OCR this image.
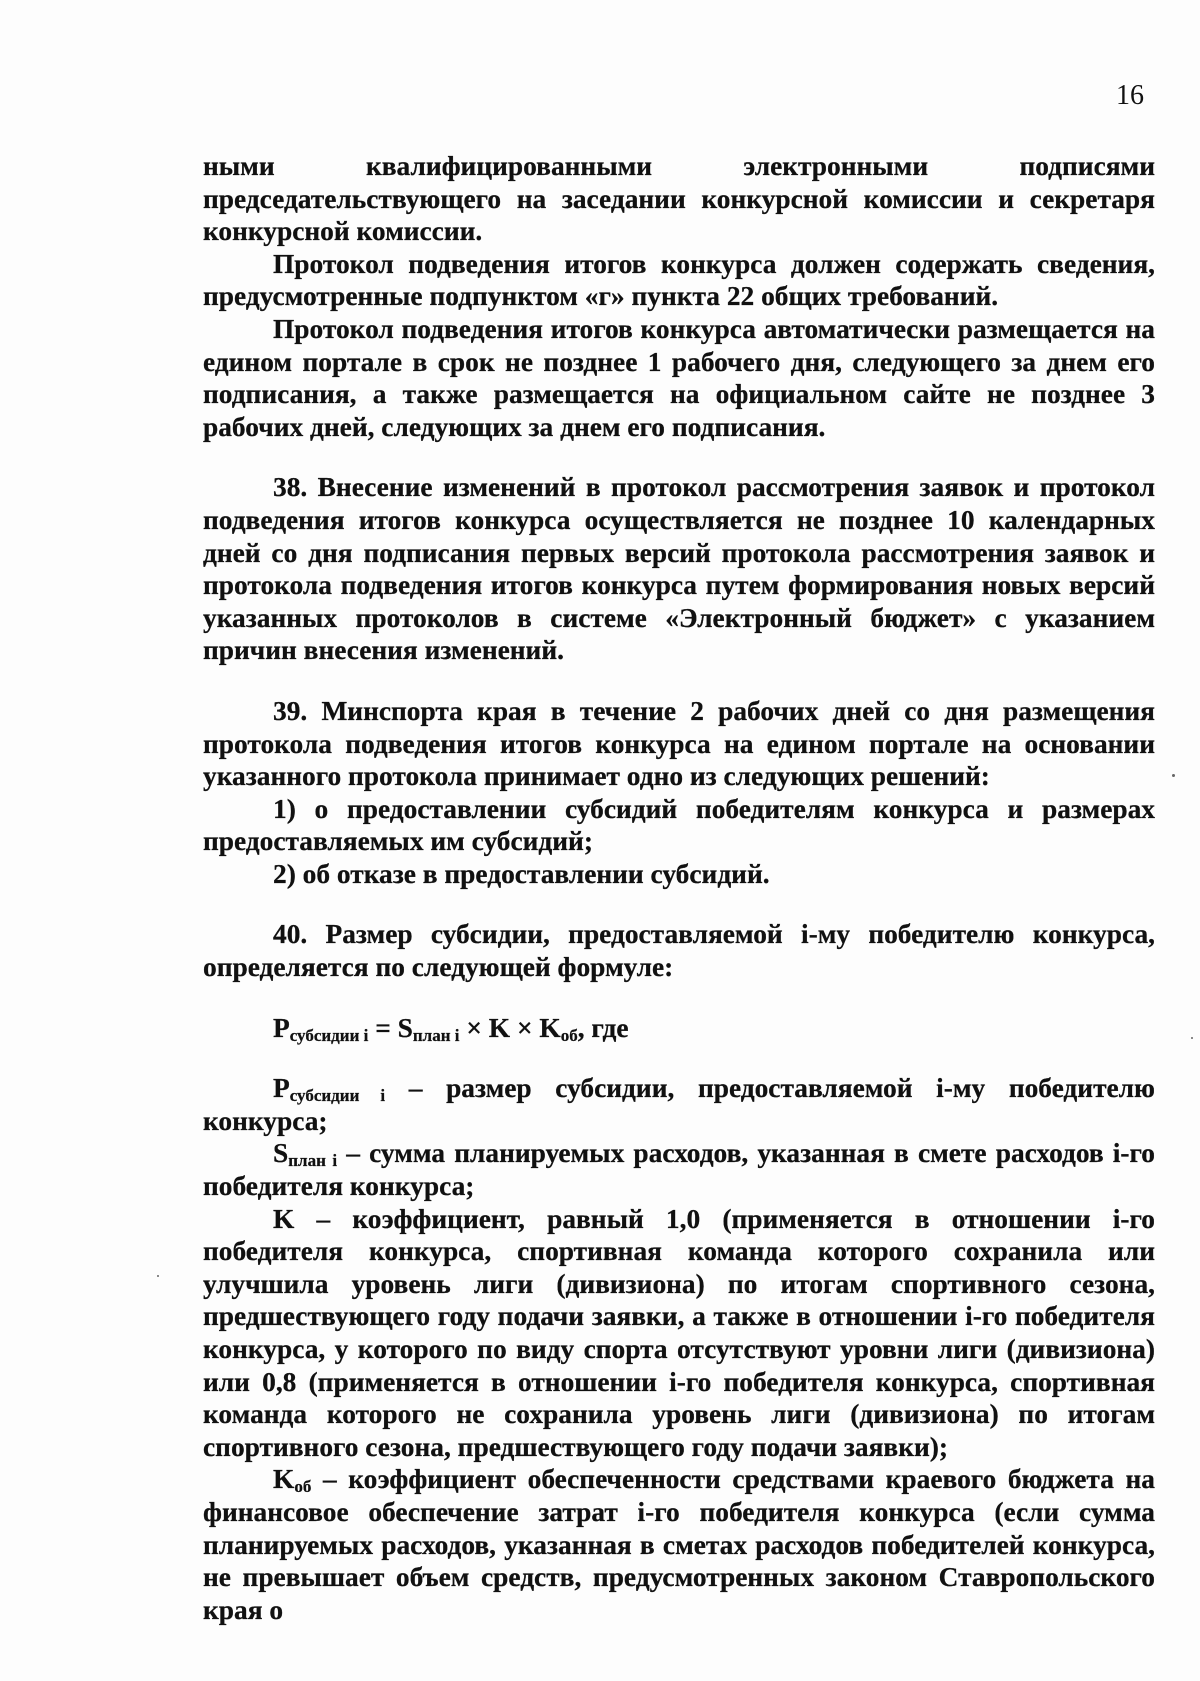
16

ными квалифицированными электронными подписями председательствующего на заседании конкурсной комиссии и секретаря конкурсной комиссии.

Протокол подведения итогов конкурса должен содержать сведения, предусмотренные подпунктом «г» пункта 22 общих требований.

Протокол подведения итогов конкурса автоматически размещается на едином портале в срок не позднее 1 рабочего дня, следующего за днем его подписания, а также размещается на официальном сайте не позднее 3 рабочих дней, следующих за днем его подписания.

38. Внесение изменений в протокол рассмотрения заявок и протокол подведения итогов конкурса осуществляется не позднее 10 календарных дней со дня подписания первых версий протокола рассмотрения заявок и протокола подведения итогов конкурса путем формирования новых версий указанных протоколов в системе «Электронный бюджет» с указанием причин внесения изменений.

39. Минспорта края в течение 2 рабочих дней со дня размещения протокола подведения итогов конкурса на едином портале на основании указанного протокола принимает одно из следующих решений:

1) о предоставлении субсидий победителям конкурса и размерах предоставляемых им субсидий;

2) об отказе в предоставлении субсидий.

40. Размер субсидии, предоставляемой i-му победителю конкурса, определяется по следующей формуле:

$P_{субсидии i} = S_{план i} \times K \times K_{об}$, где

$P_{субсидии i}$ – размер субсидии, предоставляемой i-му победителю конкурса;

$S_{план i}$ – сумма планируемых расходов, указанная в смете расходов i-го победителя конкурса;

K – коэффициент, равный 1,0 (применяется в отношении i-го победителя конкурса, спортивная команда которого сохранила или улучшила уровень лиги (дивизиона) по итогам спортивного сезона, предшествующего году подачи заявки, а также в отношении i-го победителя конкурса, у которого по виду спорта отсутствуют уровни лиги (дивизиона) или 0,8 (применяется в отношении i-го победителя конкурса, спортивная команда которого не сохранила уровень лиги (дивизиона) по итогам спортивного сезона, предшествующего году подачи заявки);

$K_{об}$ – коэффициент обеспеченности средствами краевого бюджета на финансовое обеспечение затрат i-го победителя конкурса (если сумма планируемых расходов, указанная в сметах расходов победителей конкурса, не превышает объем средств, предусмотренных законом Ставропольского края о
